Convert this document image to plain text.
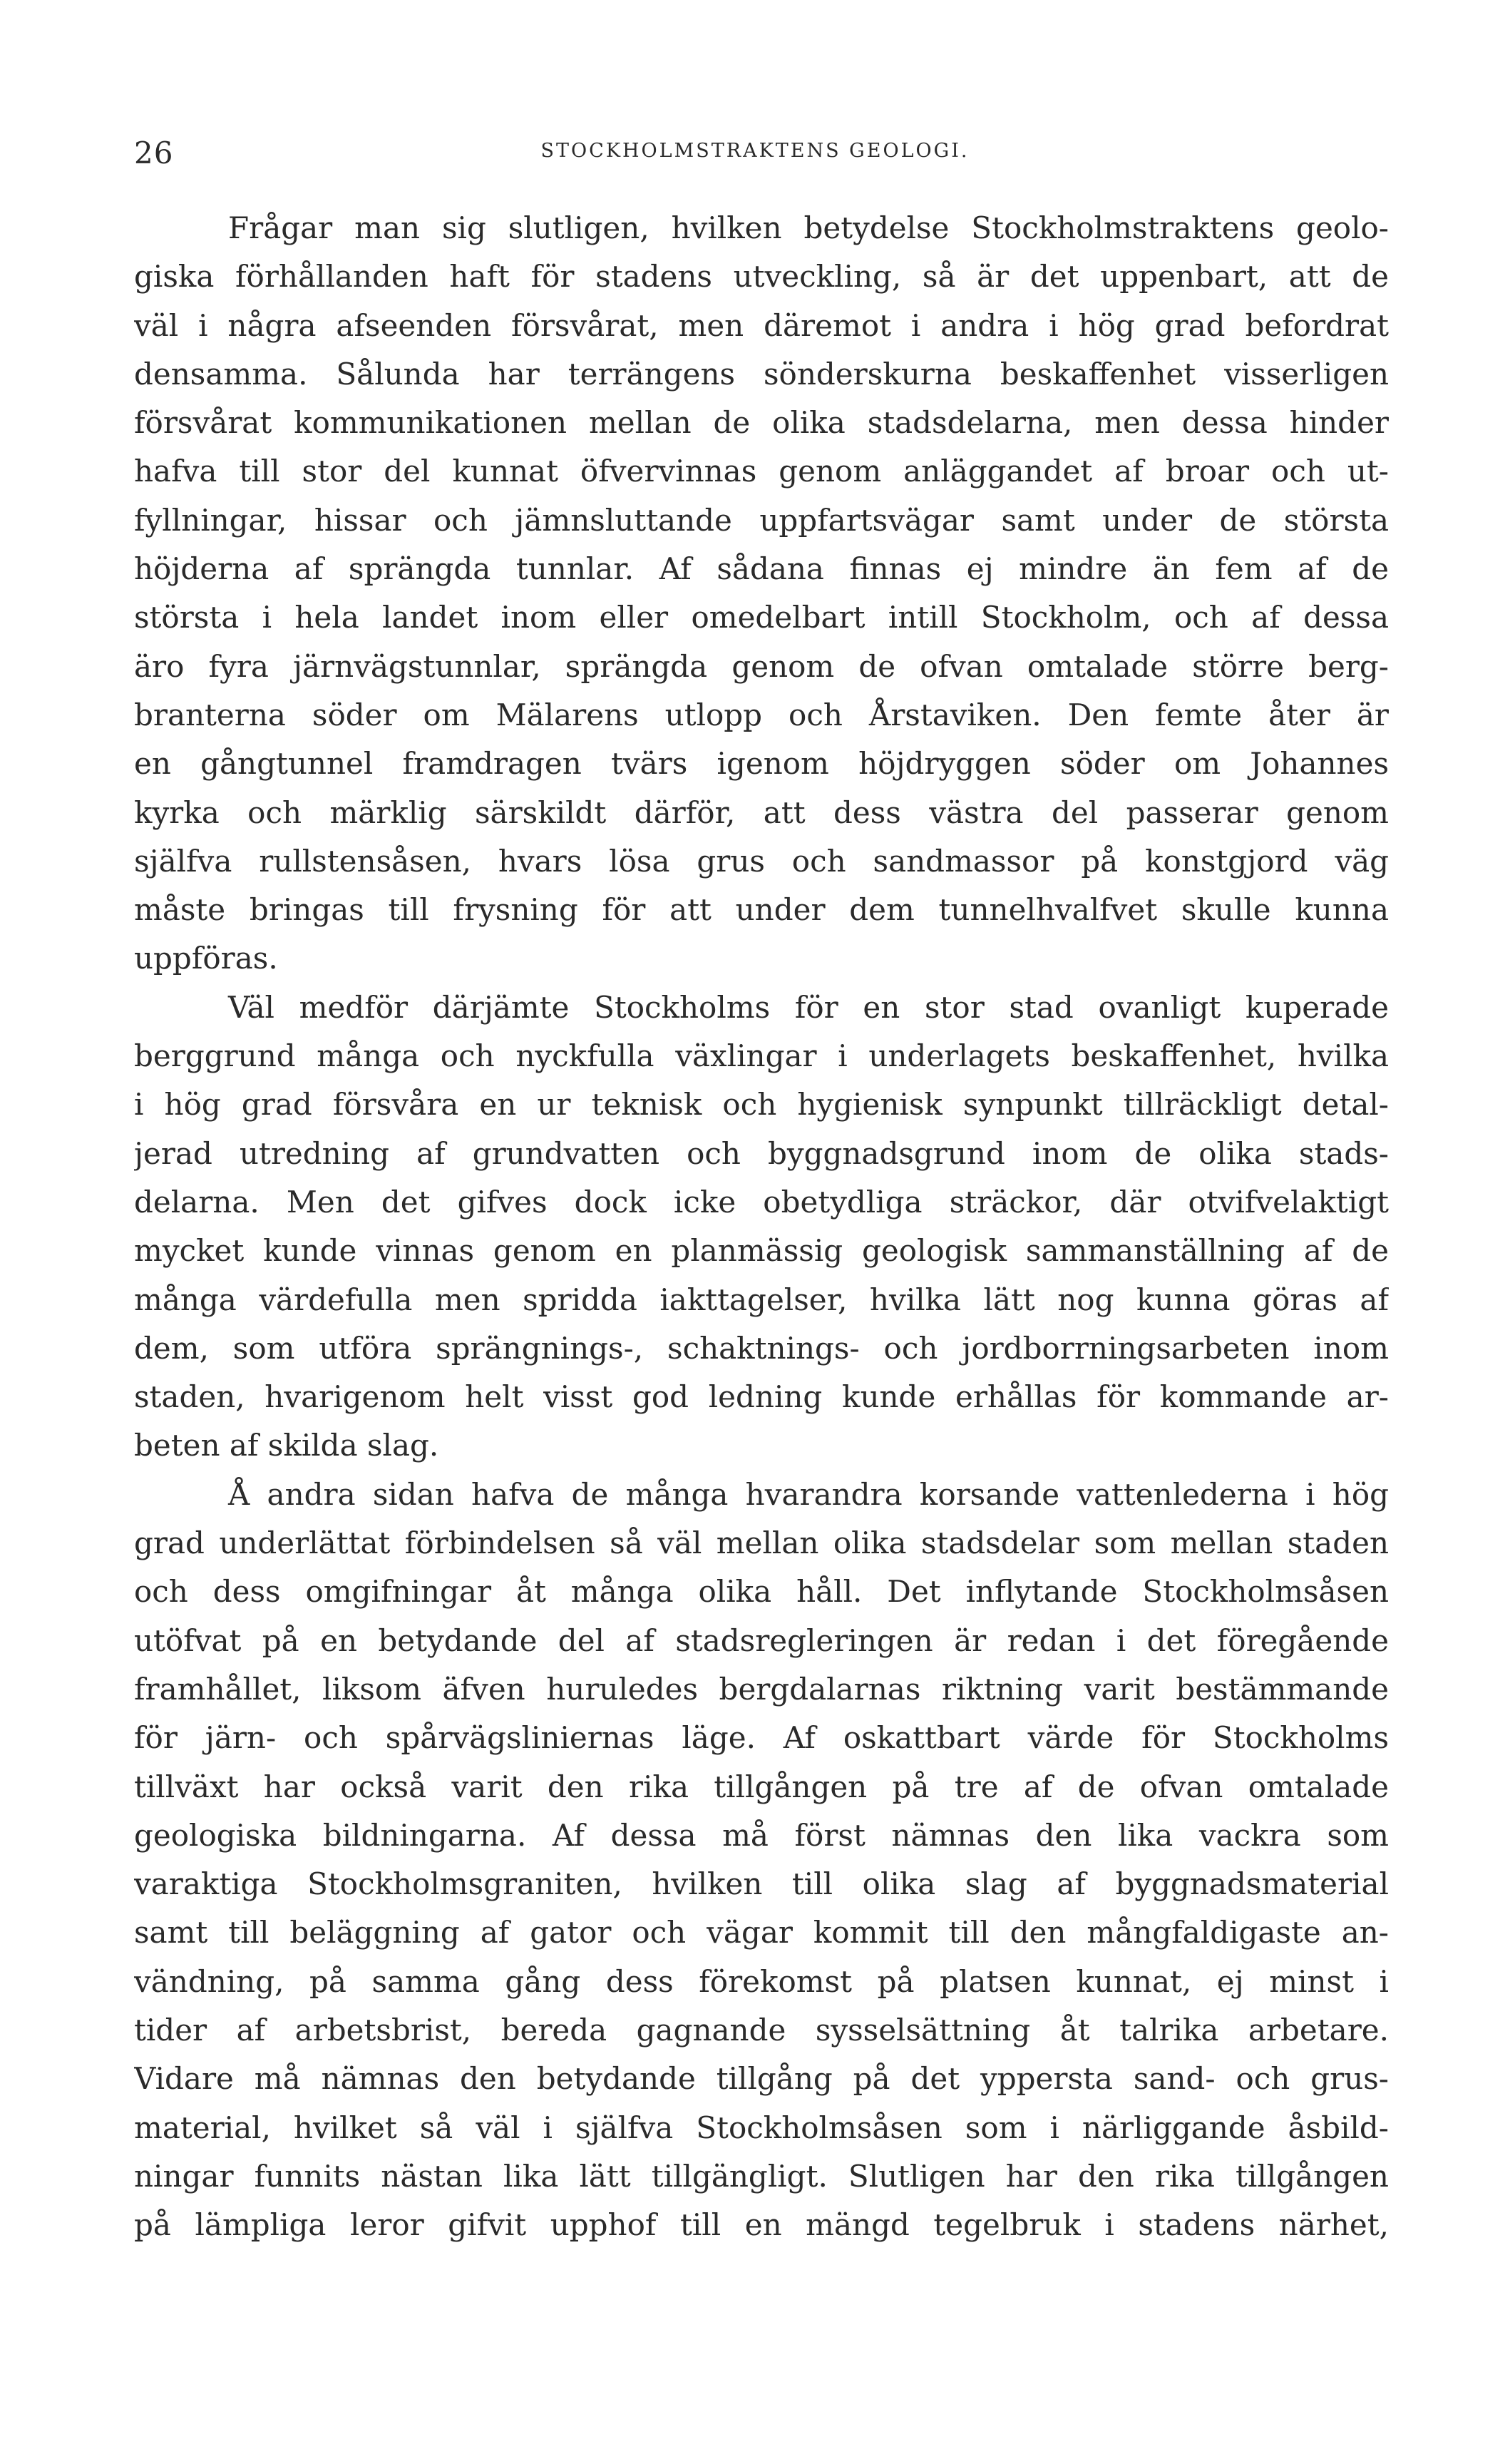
26	STOCKHOLMSTRAKTENS GEOLOGI.
Frågar man sig slutligen, hvilken betydelse Stockholmstraktens geolo-
giska förhållanden haft för stadens utveckling, så är det uppenbart, att de
väl i några afseenden försvårat, men däremot i andra i hög grad befordrat
densamma. Sålunda har terrängens sönderskurna beskaffenhet visserligen
försvårat kommunikationen mellan de olika stadsdelarna, men dessa hinder
hafva till stor del kunnat öfvervinnas genom anläggandet af broar och ut-
fyllningar, hissar och jämnsluttande uppfartsvägar samt under de största
höjderna af sprängda tunnlar. Af sådana finnas ej mindre än fem af de
största i hela landet inom eller omedelbart intill Stockholm, och af dessa
äro fyra järnvägstunnlar, sprängda genom de ofvan omtalade större berg-
branterna söder om Mälarens utlopp och Årstaviken. Den femte åter är
en gångtunnel framdragen tvärs igenom höjdryggen söder om Johannes
kyrka och märklig särskildt därför, att dess västra del passerar genom
själfva rullstensåsen, hvars lösa grus och sandmassor på konstgjord väg
måste bringas till frysning för att under dem tunnelhvalfvet skulle kunna
uppföras.
Väl medför därjämte Stockholms för en stor stad ovanligt kuperade
berggrund många och nyckfulla växlingar i underlagets beskaffenhet, hvilka
i hög grad försvåra en ur teknisk och hygienisk synpunkt tillräckligt detal-
jerad utredning af grundvatten och byggnadsgrund inom de olika stads-
delarna. Men det gifves dock icke obetydliga sträckor, där otvifvelaktigt
mycket kunde vinnas genom en planmässig geologisk sammanställning af de
många värdefulla men spridda iakttagelser, hvilka lätt nog kunna göras af
dem, som utföra sprängnings-, schaktnings- och jordborrningsarbeten inom
staden, hvarigenom helt visst god ledning kunde erhållas för kommande ar-
beten af skilda slag.
Å andra sidan hafva de många hvarandra korsande vattenlederna i hög
grad underlättat förbindelsen så väl mellan olika stadsdelar som mellan staden
och dess omgifningar åt många olika håll. Det inflytande Stockholmsåsen
utöfvat på en betydande del af stadsregleringen är redan i det föregående
framhållet, liksom äfven huruledes bergdalarnas riktning varit bestämmande
för järn- och spårvägsliniernas läge. Af oskattbart värde för Stockholms
tillväxt har också varit den rika tillgången på tre af de ofvan omtalade
geologiska bildningarna. Af dessa må först nämnas den lika vackra som
varaktiga Stockholmsgraniten, hvilken till olika slag af byggnadsmaterial
samt till beläggning af gator och vägar kommit till den mångfaldigaste an-
vändning, på samma gång dess förekomst på platsen kunnat, ej minst i
tider af arbetsbrist, bereda gagnande sysselsättning åt talrika arbetare.
Vidare må nämnas den betydande tillgång på det yppersta sand- och grus-
material, hvilket så väl i själfva Stockholmsåsen som i närliggande åsbild-
ningar funnits nästan lika lätt tillgängligt. Slutligen har den rika tillgången
på lämpliga leror gifvit upphof till en mängd tegelbruk i stadens närhet,
